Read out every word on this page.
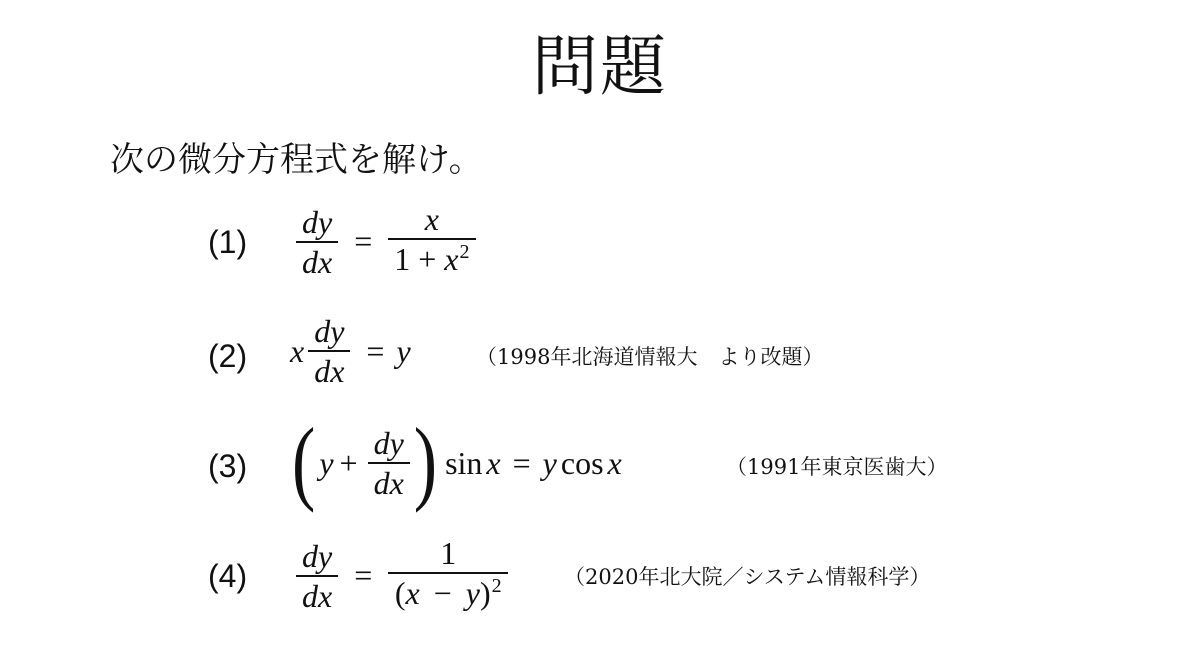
問題
次の微分方程式を解け。
$(1) \frac{dy}{dx} = \frac{x}{1 + x^2}$
(2) x $\frac{dy}{dx} = y$	（1998年北海道情報大　より改題）
(3) ( $y + \frac{dy}{dx}$ ) sin x = y cos x	（1991年東京医歯大）
$(4) \frac{dy}{dx} = \frac{1}{(x - y)^2}$	（2020年北大院／システム情報科学）
